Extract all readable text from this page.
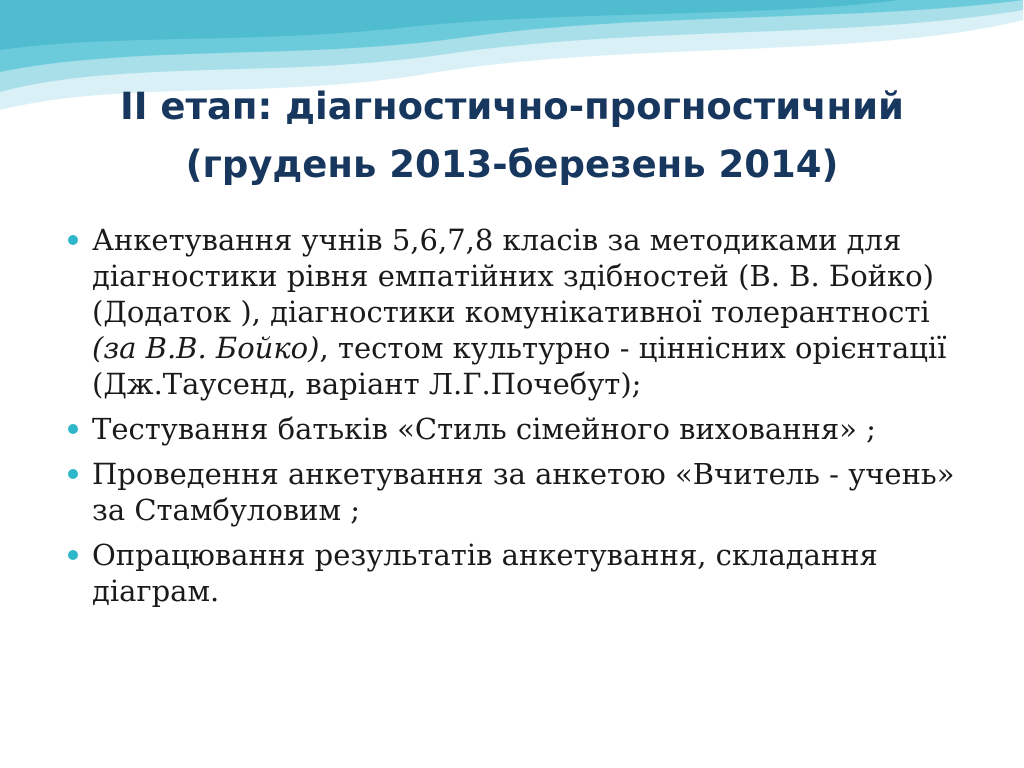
II етап: діагностично-прогностичний
(грудень 2013-березень 2014)
Анкетування учнів 5,6,7,8 класів за методиками для діагностики рівня емпатійних здібностей (В. В. Бойко) (Додаток ), діагностики комунікативної толерантності (за В.В. Бойко), тестом культурно - ціннісних орієнтації (Дж.Таусенд, варіант Л.Г.Почебут);
Тестування батьків «Стиль сімейного виховання» ;
Проведення анкетування за анкетою «Вчитель - учень» за Стамбуловим ;
Опрацювання результатів анкетування, складання діаграм.
